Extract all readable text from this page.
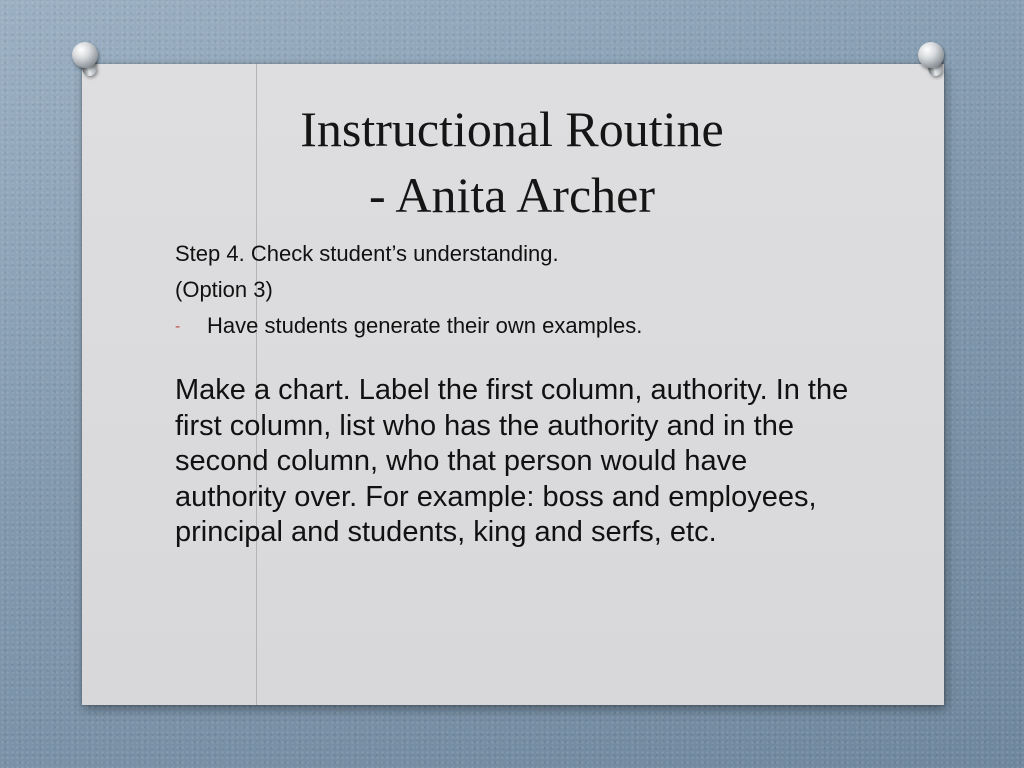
Instructional Routine
- Anita Archer

Step 4. Check student’s understanding.

(Option 3)

-	Have students generate their own examples.

Make a chart. Label the first column, authority. In the first column, list who has the authority and in the second column, who that person would have authority over. For example: boss and employees, principal and students, king and serfs, etc.
